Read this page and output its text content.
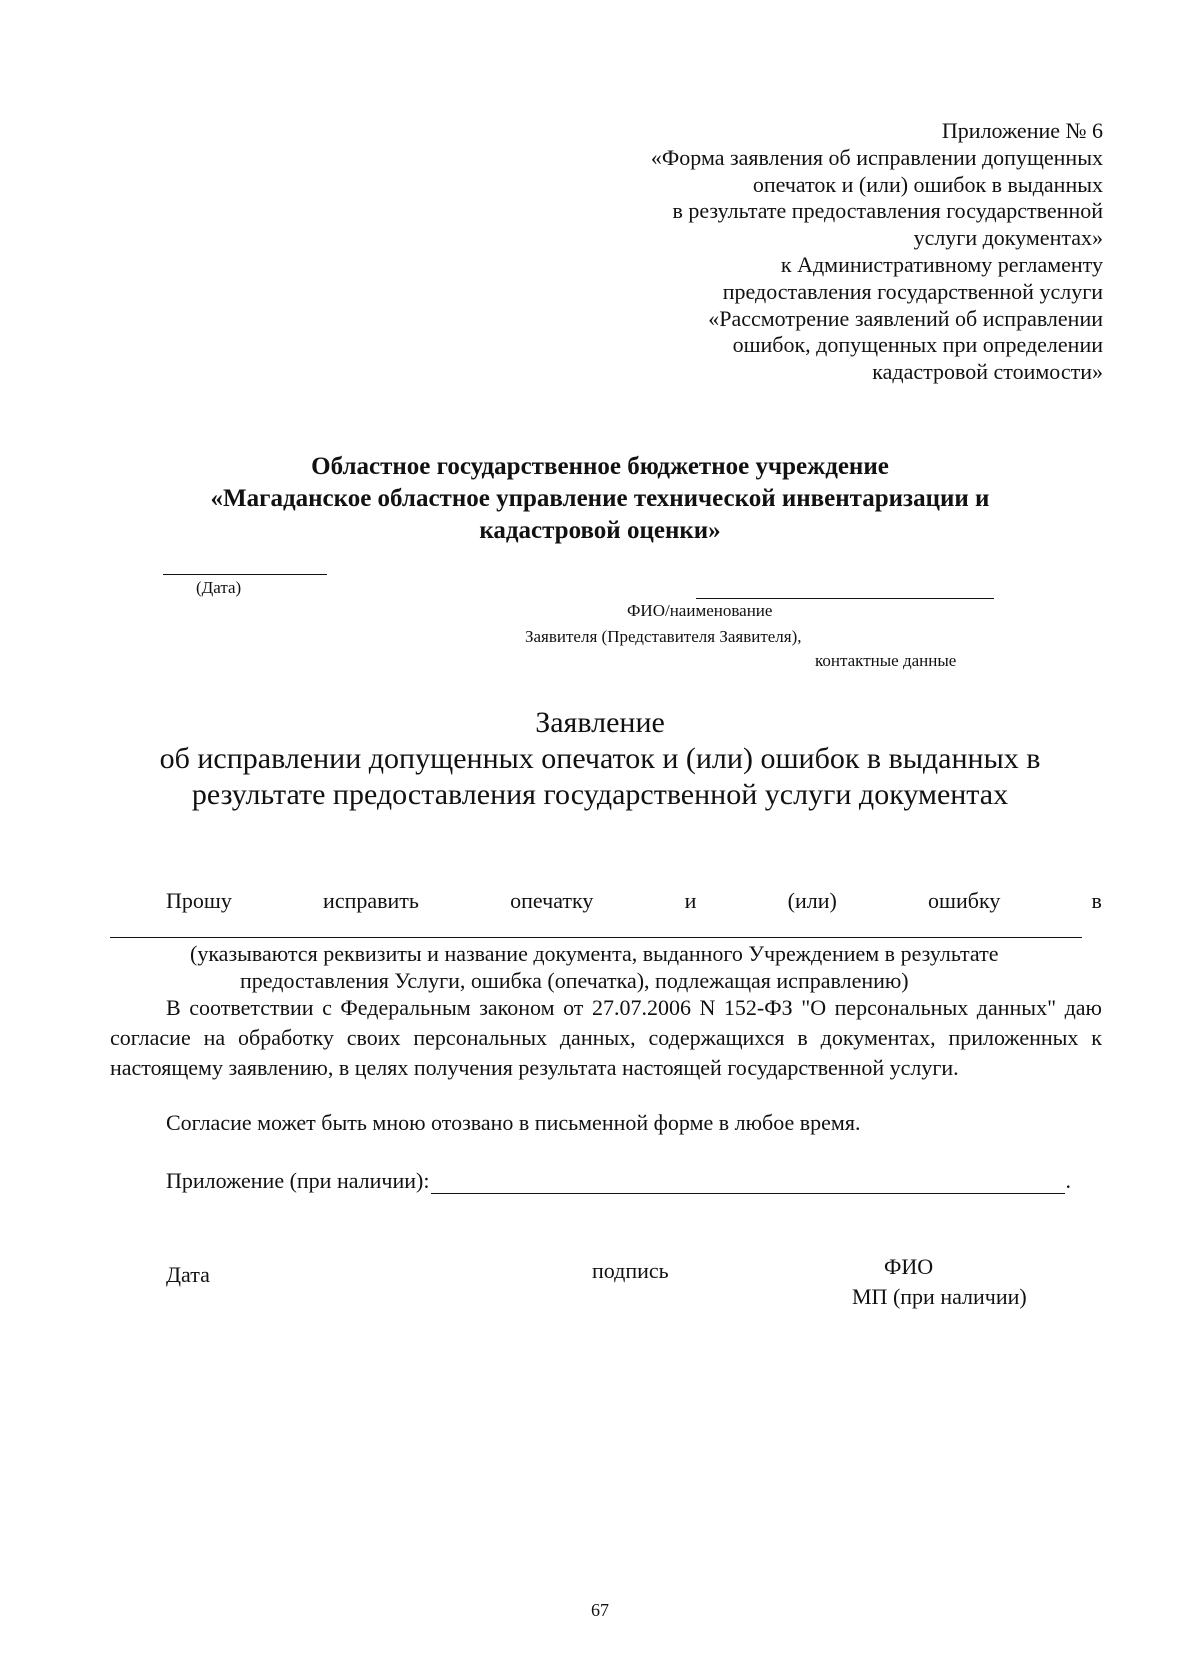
Приложение № 6
«Форма заявления об исправлении допущенных
опечаток и (или) ошибок в выданных
в результате предоставления государственной
услуги документах»
к Административному регламенту
предоставления государственной услуги
«Рассмотрение заявлений об исправлении
ошибок, допущенных при определении
кадастровой стоимости»
Областное государственное бюджетное учреждение
«Магаданское областное управление технической инвентаризации и
кадастровой оценки»
(Дата)
ФИО/наименование
Заявителя (Представителя Заявителя),
контактные данные
Заявление
об исправлении допущенных опечаток и (или) ошибок в выданных в
результате предоставления государственной услуги документах
Прошу	исправить	опечатку	и	(или)	ошибку	в
(указываются реквизиты и название документа, выданного Учреждением в результате
предоставления Услуги, ошибка (опечатка), подлежащая исправлению)

В соответствии с Федеральным законом от 27.07.2006 N 152-ФЗ "О персональных данных" даю согласие на обработку своих персональных данных, содержащихся в документах, приложенных к настоящему заявлению, в целях получения результата настоящей государственной услуги.

Согласие может быть мною отозвано в письменной форме в любое время.
Приложение (при наличии):	.
Дата	подпись	ФИО
МП (при наличии)
67
